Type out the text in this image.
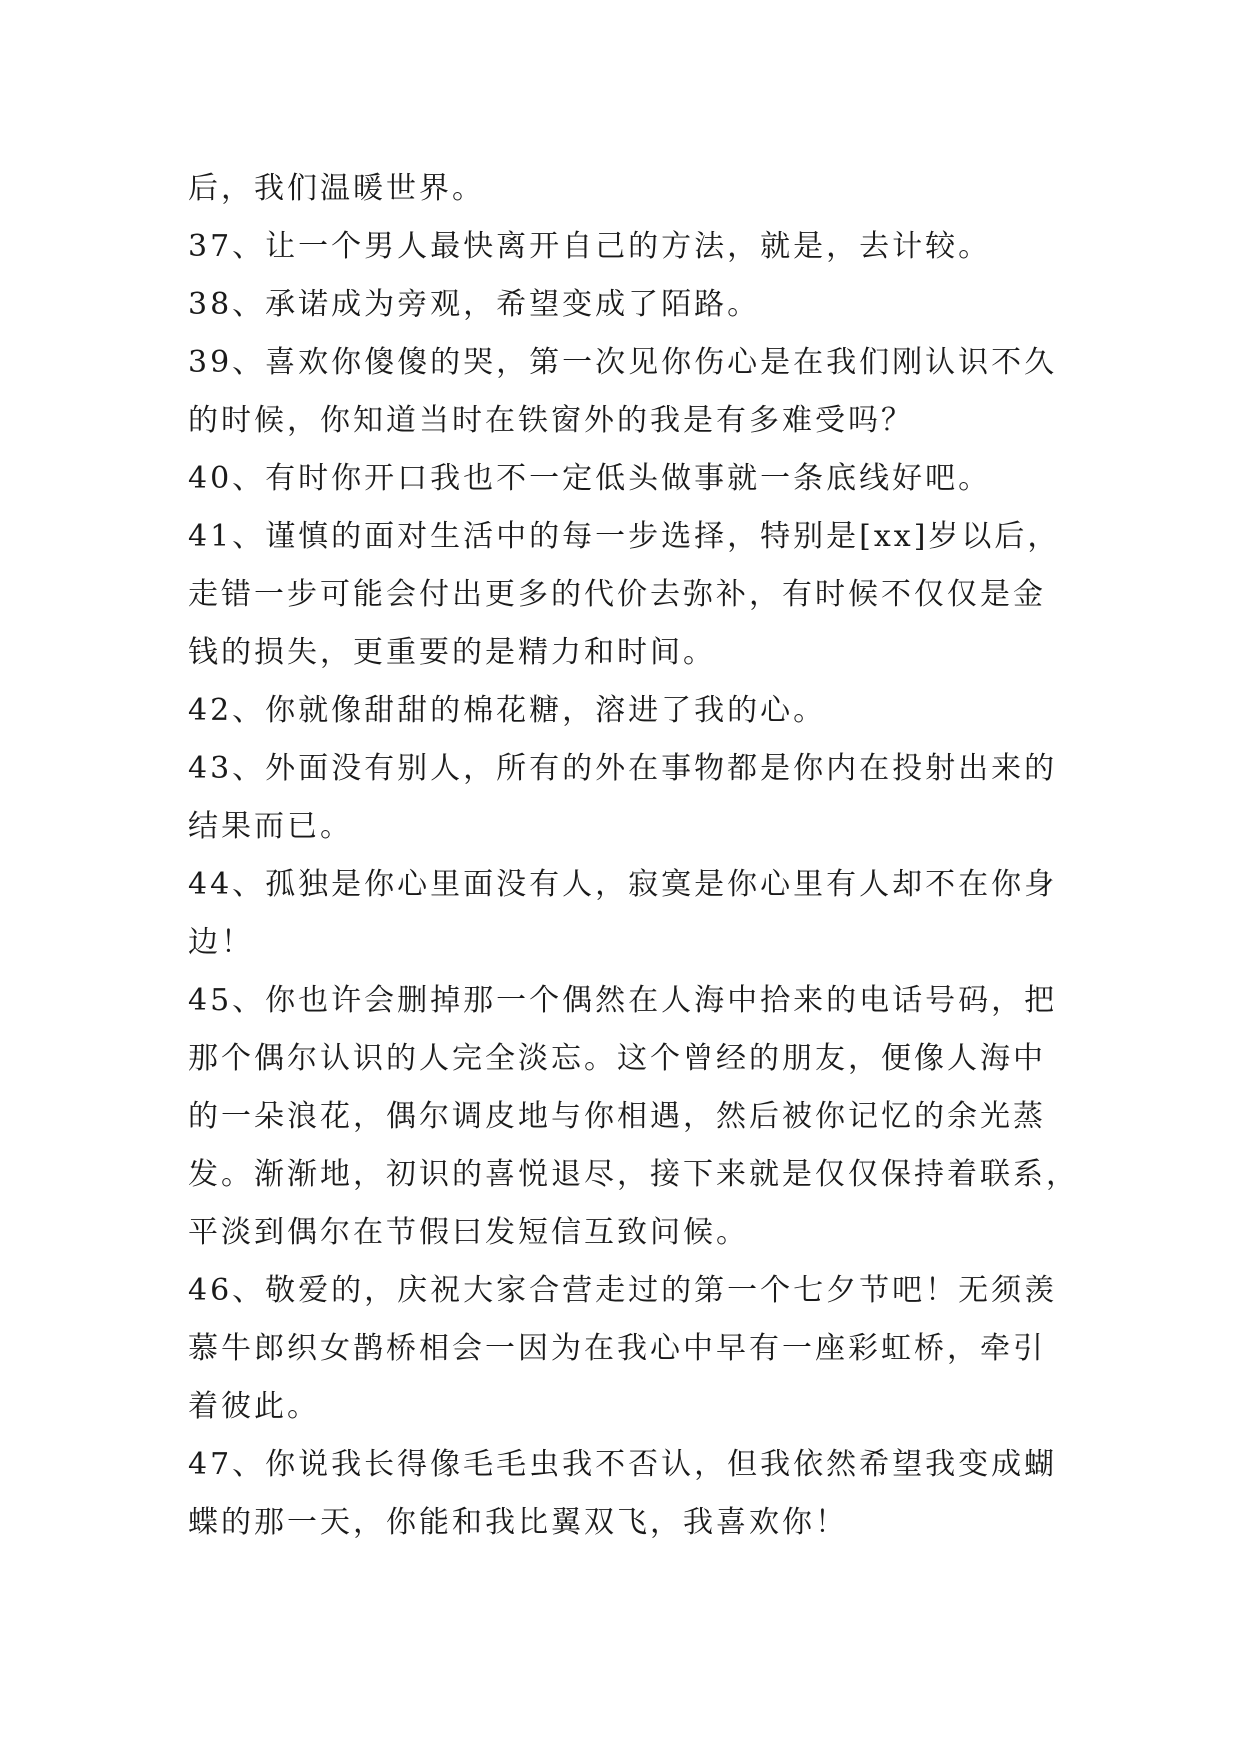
后，我们温暖世界。
37、让一个男人最快离开自己的方法，就是，去计较。
38、承诺成为旁观，希望变成了陌路。
39、喜欢你傻傻的哭，第一次见你伤心是在我们刚认识不久
的时候，你知道当时在铁窗外的我是有多难受吗？
40、有时你开口我也不一定低头做事就一条底线好吧。
41、谨慎的面对生活中的每一步选择，特别是[xx]岁以后，
走错一步可能会付出更多的代价去弥补，有时候不仅仅是金
钱的损失，更重要的是精力和时间。
42、你就像甜甜的棉花糖，溶进了我的心。
43、外面没有别人，所有的外在事物都是你内在投射出来的
结果而已。
44、孤独是你心里面没有人，寂寞是你心里有人却不在你身
边！
45、你也许会删掉那一个偶然在人海中拾来的电话号码，把
那个偶尔认识的人完全淡忘。这个曾经的朋友，便像人海中
的一朵浪花，偶尔调皮地与你相遇，然后被你记忆的余光蒸
发。渐渐地，初识的喜悦退尽，接下来就是仅仅保持着联系，
平淡到偶尔在节假曰发短信互致问候。
46、敬爱的，庆祝大家合营走过的第一个七夕节吧！无须羡
慕牛郎织女鹊桥相会一因为在我心中早有一座彩虹桥，牵引
着彼此。
47、你说我长得像毛毛虫我不否认，但我依然希望我变成蝴
蝶的那一天，你能和我比翼双飞，我喜欢你！
